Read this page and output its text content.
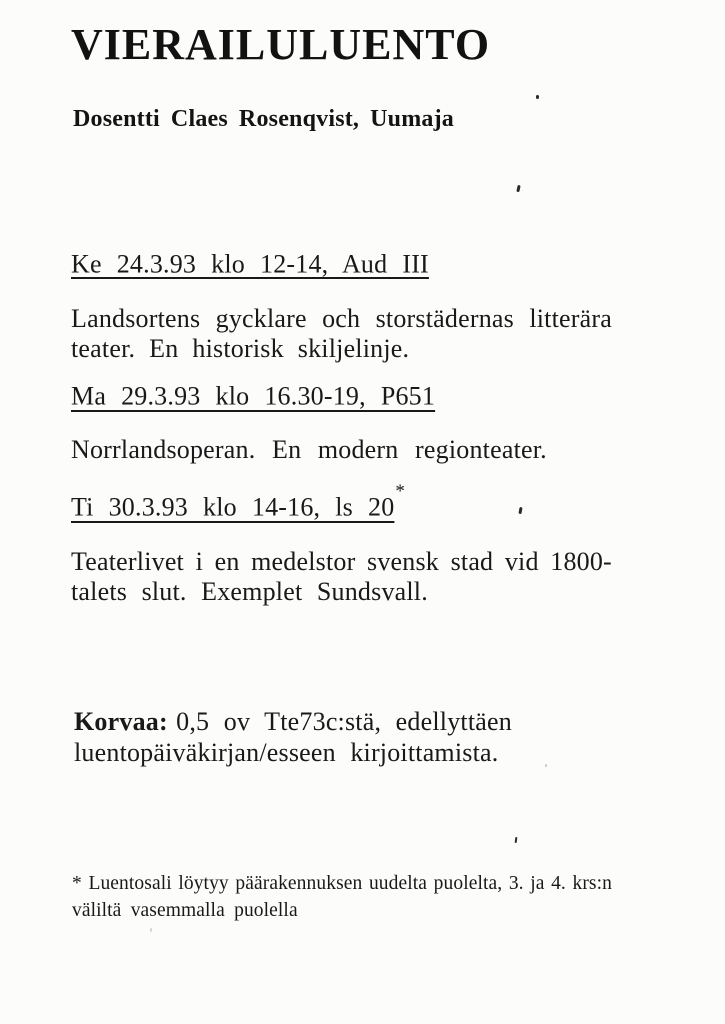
VIERAILULUENTO

Dosentti Claes Rosenqvist, Uumaja

Ke 24.3.93 klo 12-14, Aud III

Landsortens gycklare och storstädernas litterära
teater. En historisk skiljelinje.

Ma 29.3.93 klo 16.30-19, P651

Norrlandsoperan. En modern regionteater.

Ti 30.3.93 klo 14-16, ls 20*

Teaterlivet i en medelstor svensk stad vid 1800-
talets slut. Exemplet Sundsvall.

Korvaa: 0,5 ov Tte73c:stä, edellyttäen
luentopäiväkirjan/esseen kirjoittamista.

* Luentosali löytyy päärakennuksen uudelta puolelta, 3. ja 4. krs:n
väliltä vasemmalla puolella
